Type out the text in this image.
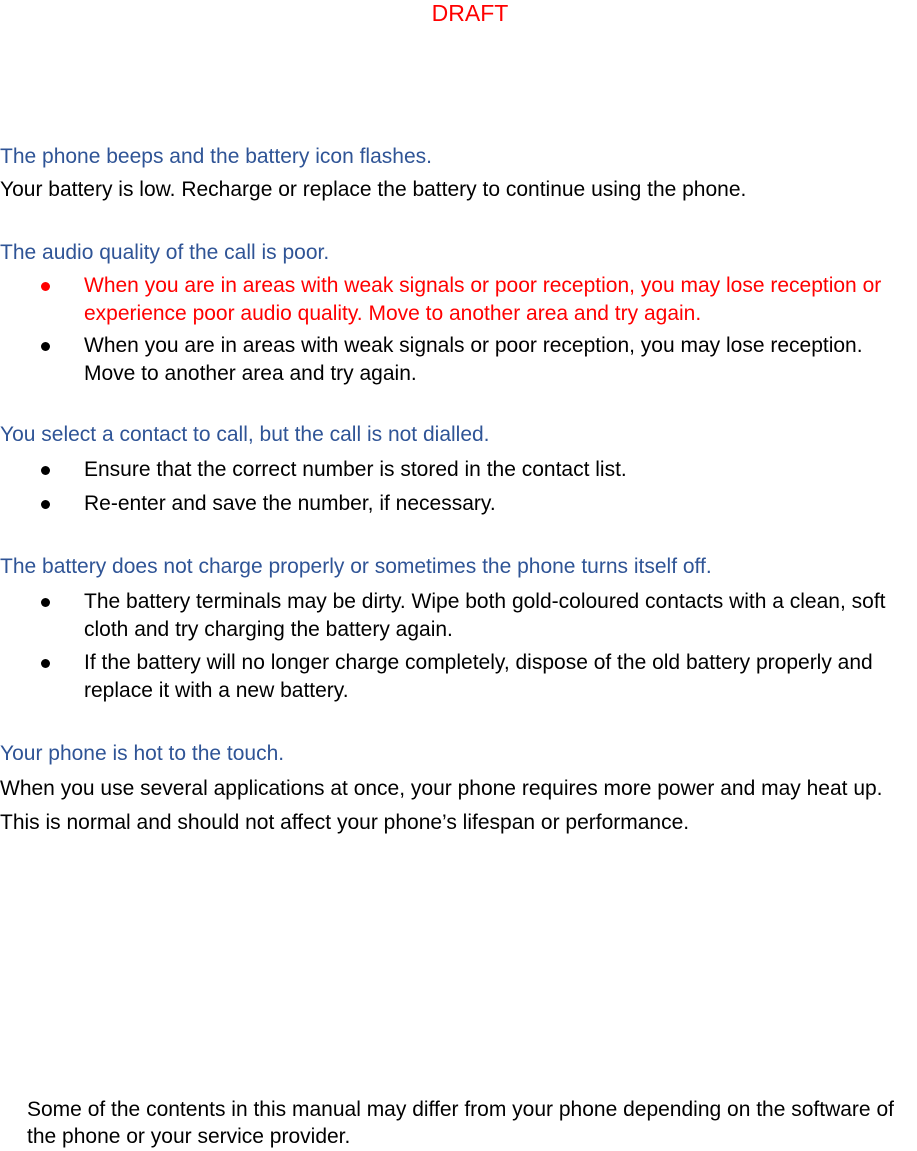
DRAFT

The phone beeps and the battery icon flashes.

Your battery is low. Recharge or replace the battery to continue using the phone.

The audio quality of the call is poor.

When you are in areas with weak signals or poor reception, you may lose reception or experience poor audio quality. Move to another area and try again.
When you are in areas with weak signals or poor reception, you may lose reception. Move to another area and try again.

You select a contact to call, but the call is not dialled.

Ensure that the correct number is stored in the contact list.
Re-enter and save the number, if necessary.

The battery does not charge properly or sometimes the phone turns itself off.

The battery terminals may be dirty. Wipe both gold-coloured contacts with a clean, soft cloth and try charging the battery again.
If the battery will no longer charge completely, dispose of the old battery properly and replace it with a new battery.

Your phone is hot to the touch.

When you use several applications at once, your phone requires more power and may heat up.

This is normal and should not affect your phone’s lifespan or performance.

Some of the contents in this manual may differ from your phone depending on the software of the phone or your service provider.
